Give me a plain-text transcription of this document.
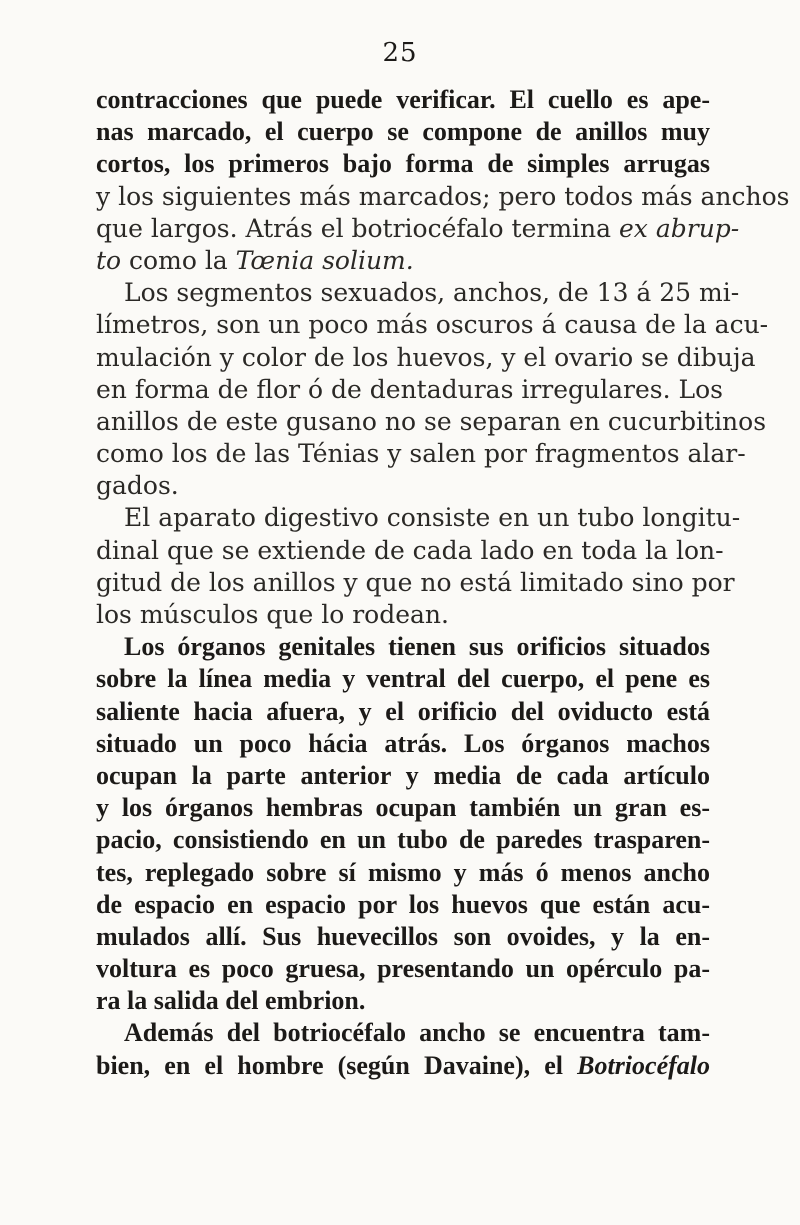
25
contracciones que puede verificar. El cuello es ape-
nas marcado, el cuerpo se compone de anillos muy
cortos, los primeros bajo forma de simples arrugas
y los siguientes más marcados; pero todos más anchos
que largos. Atrás el botriocéfalo termina ex abrup-
to como la Tœnia solium.
Los segmentos sexuados, anchos, de 13 á 25 mi-
límetros, son un poco más oscuros á causa de la acu-
mulación y color de los huevos, y el ovario se dibuja
en forma de flor ó de dentaduras irregulares. Los
anillos de este gusano no se separan en cucurbitinos
como los de las Ténias y salen por fragmentos alar-
gados.
El aparato digestivo consiste en un tubo longitu-
dinal que se extiende de cada lado en toda la lon-
gitud de los anillos y que no está limitado sino por
los músculos que lo rodean.
Los órganos genitales tienen sus orificios situados
sobre la línea media y ventral del cuerpo, el pene es
saliente hacia afuera, y el orificio del oviducto está
situado un poco hácia atrás. Los órganos machos
ocupan la parte anterior y media de cada artículo
y los órganos hembras ocupan también un gran es-
pacio, consistiendo en un tubo de paredes trasparen-
tes, replegado sobre sí mismo y más ó menos ancho
de espacio en espacio por los huevos que están acu-
mulados allí. Sus huevecillos son ovoides, y la en-
voltura es poco gruesa, presentando un opérculo pa-
ra la salida del embrion.
Además del botriocéfalo ancho se encuentra tam-
bien, en el hombre (según Davaine), el Botriocéfalo
